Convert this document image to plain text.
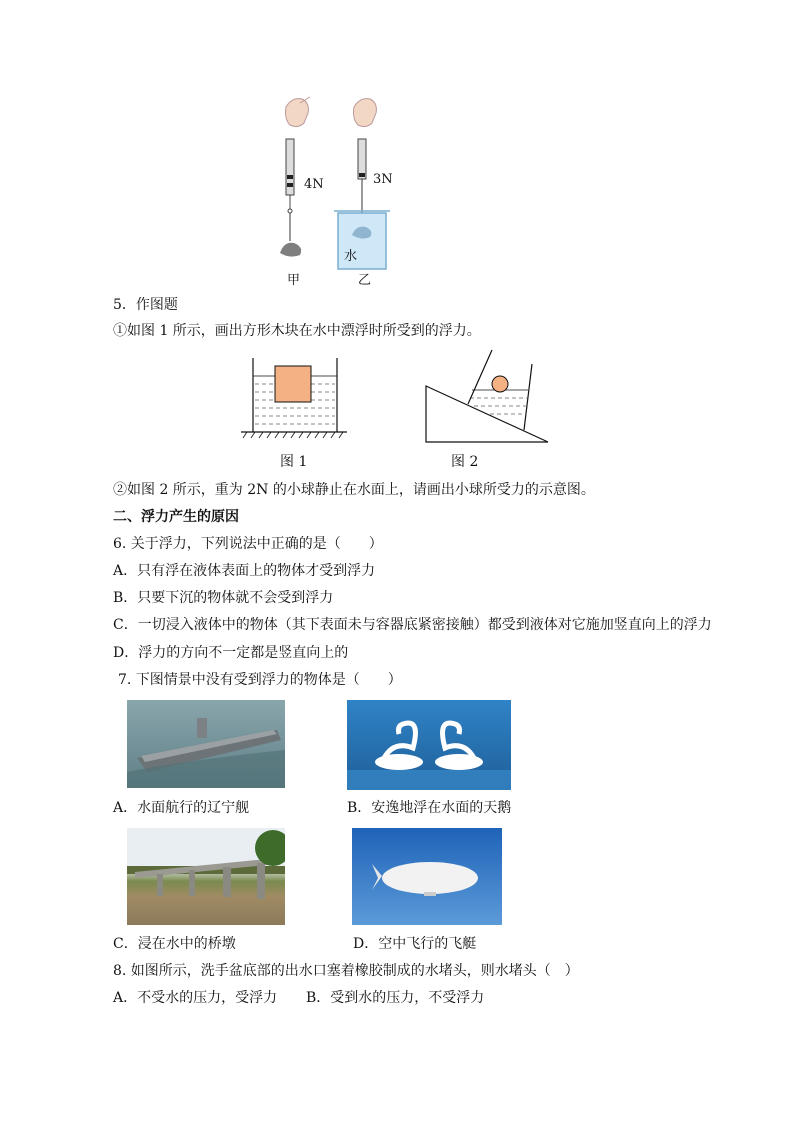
4N	3N
水
甲	乙
5．作图题
①如图 1 所示，画出方形木块在水中漂浮时所受到的浮力。
图 1	图 2
②如图 2 所示，重为 2N 的小球静止在水面上，请画出小球所受力的示意图。
二、浮力产生的原因
6. 关于浮力，下列说法中正确的是（　　）
A．只有浮在液体表面上的物体才受到浮力
B．只要下沉的物体就不会受到浮力
C．一切浸入液体中的物体（其下表面未与容器底紧密接触）都受到液体对它施加竖直向上的浮力
D．浮力的方向不一定都是竖直向上的
7. 下图情景中没有受到浮力的物体是（　　）
A．水面航行的辽宁舰	B．安逸地浮在水面的天鹅
C．浸在水中的桥墩	D．空中飞行的飞艇
8. 如图所示，洗手盆底部的出水口塞着橡胶制成的水堵头，则水堵头（　）
A．不受水的压力，受浮力 B．受到水的压力，不受浮力
